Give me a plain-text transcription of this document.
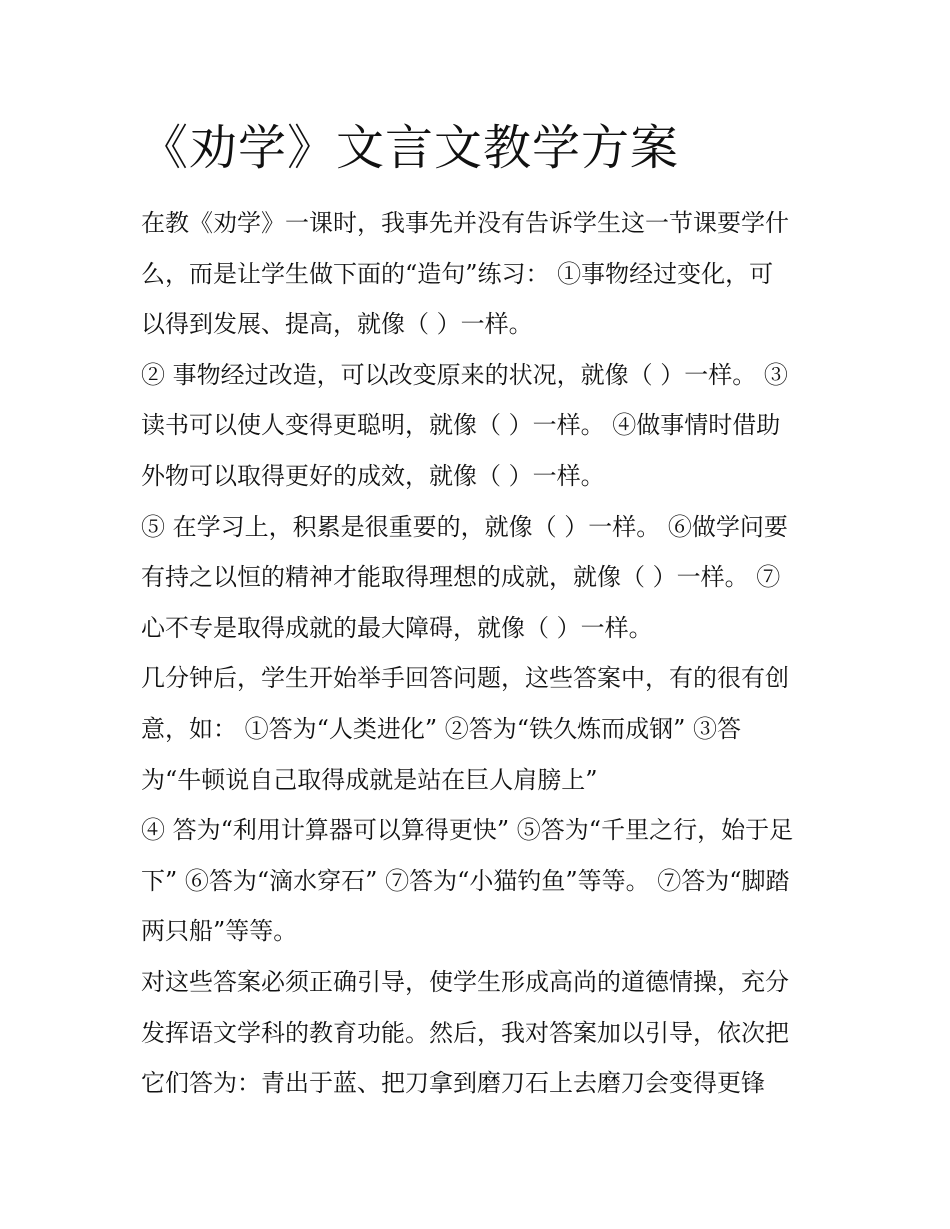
《劝学》文言文教学方案
在教《劝学》一课时，我事先并没有告诉学生这一节课要学什
么，而是让学生做下面的“造句”练习： ①事物经过变化，可
以得到发展、提高，就像（ ）一样。
② 事物经过改造，可以改变原来的状况，就像（ ）一样。 ③
读书可以使人变得更聪明，就像（ ）一样。 ④做事情时借助
外物可以取得更好的成效，就像（ ）一样。
⑤ 在学习上，积累是很重要的，就像（ ）一样。 ⑥做学问要
有持之以恒的精神才能取得理想的成就，就像（ ）一样。 ⑦
心不专是取得成就的最大障碍，就像（ ）一样。
几分钟后，学生开始举手回答问题，这些答案中，有的很有创
意，如： ①答为“人类进化” ②答为“铁久炼而成钢” ③答
为“牛顿说自己取得成就是站在巨人肩膀上”
④ 答为“利用计算器可以算得更快” ⑤答为“千里之行，始于足
下” ⑥答为“滴水穿石” ⑦答为“小猫钓鱼”等等。 ⑦答为“脚踏
两只船”等等。
对这些答案必须正确引导，使学生形成高尚的道德情操，充分
发挥语文学科的教育功能。然后，我对答案加以引导，依次把
它们答为：青出于蓝、把刀拿到磨刀石上去磨刀会变得更锋
